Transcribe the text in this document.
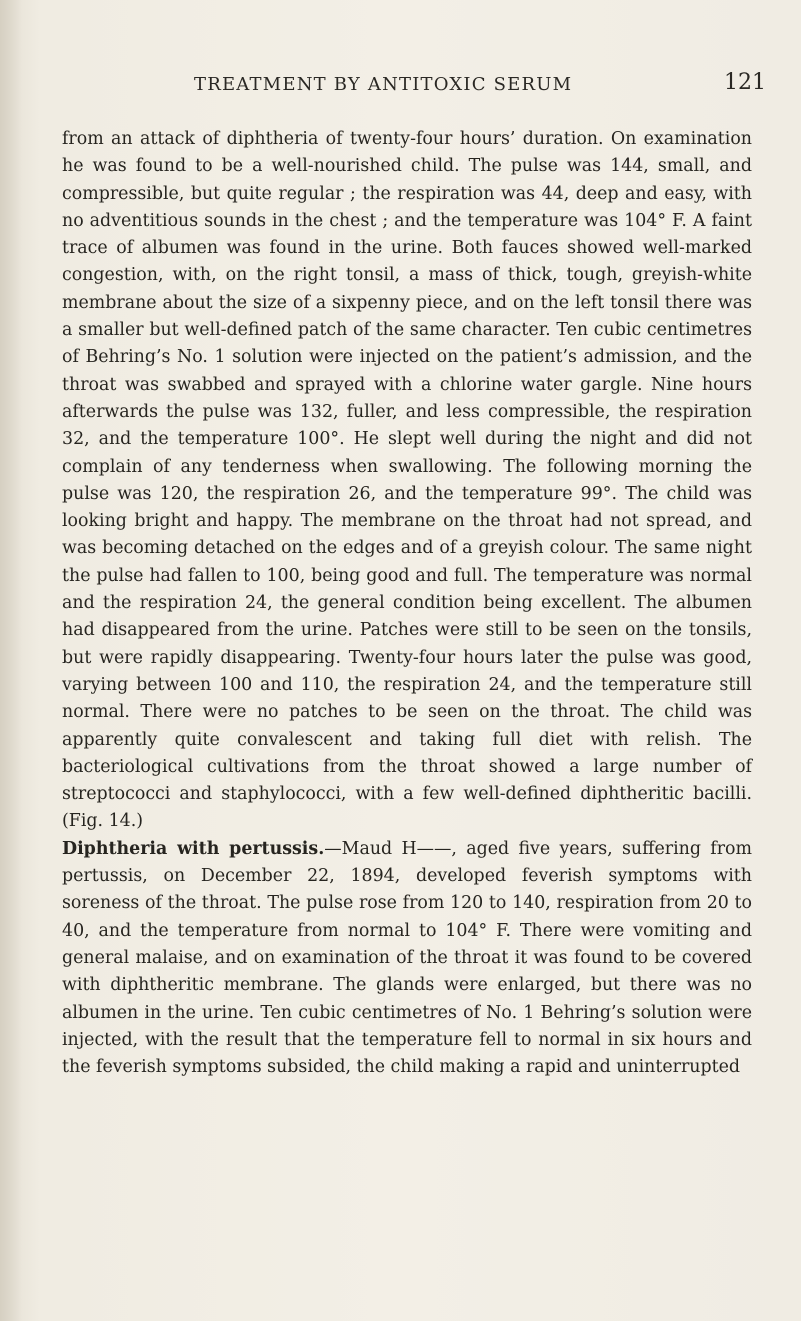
TREATMENT BY ANTITOXIC SERUM	121

from an attack of diphtheria of twenty-four hours’ duration. On examination he was found to be a well-nourished child. The pulse was 144, small, and compressible, but quite regular ; the respiration was 44, deep and easy, with no adventitious sounds in the chest ; and the temperature was 104° F. A faint trace of albumen was found in the urine. Both fauces showed well-marked congestion, with, on the right tonsil, a mass of thick, tough, greyish-white membrane about the size of a sixpenny piece, and on the left tonsil there was a smaller but well-defined patch of the same character. Ten cubic centimetres of Behring’s No. 1 solution were injected on the patient’s admission, and the throat was swabbed and sprayed with a chlorine water gargle. Nine hours afterwards the pulse was 132, fuller, and less compressible, the respiration 32, and the temperature 100°. He slept well during the night and did not complain of any tenderness when swallowing. The following morning the pulse was 120, the respiration 26, and the temperature 99°. The child was looking bright and happy. The membrane on the throat had not spread, and was becoming detached on the edges and of a greyish colour. The same night the pulse had fallen to 100, being good and full. The temperature was normal and the respiration 24, the general condition being excellent. The albumen had disappeared from the urine. Patches were still to be seen on the tonsils, but were rapidly disappearing. Twenty-four hours later the pulse was good, varying between 100 and 110, the respiration 24, and the temperature still normal. There were no patches to be seen on the throat. The child was apparently quite convalescent and taking full diet with relish. The bacteriological cultivations from the throat showed a large number of streptococci and staphylococci, with a few well-defined diphtheritic bacilli. (Fig. 14.)

Diphtheria with pertussis.—Maud H——, aged five years, suffering from pertussis, on December 22, 1894, developed feverish symptoms with soreness of the throat. The pulse rose from 120 to 140, respiration from 20 to 40, and the temperature from normal to 104° F. There were vomiting and general malaise, and on examination of the throat it was found to be covered with diphtheritic membrane. The glands were enlarged, but there was no albumen in the urine. Ten cubic centimetres of No. 1 Behring’s solution were injected, with the result that the temperature fell to normal in six hours and the feverish symptoms subsided, the child making a rapid and uninterrupted
